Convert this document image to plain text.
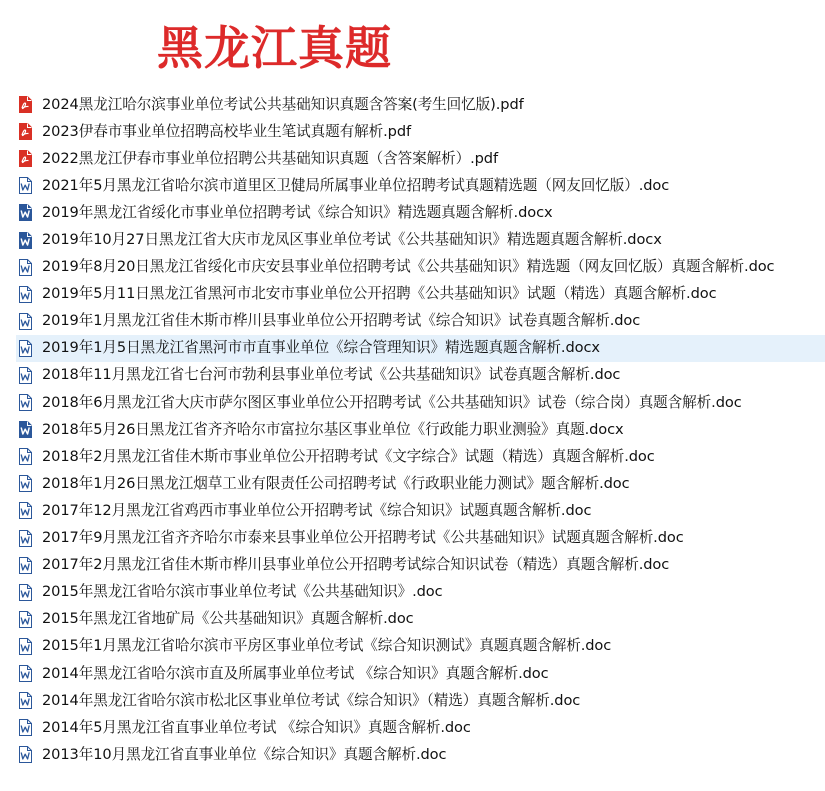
黑龙江真题
2024黑龙江哈尔滨事业单位考试公共基础知识真题含答案(考生回忆版).pdf
2023伊春市事业单位招聘高校毕业生笔试真题有解析.pdf
2022黑龙江伊春市事业单位招聘公共基础知识真题（含答案解析）.pdf
2021年5月黑龙江省哈尔滨市道里区卫健局所属事业单位招聘考试真题精选题（网友回忆版）.doc
2019年黑龙江省绥化市事业单位招聘考试《综合知识》精选题真题含解析.docx
2019年10月27日黑龙江省大庆市龙凤区事业单位考试《公共基础知识》精选题真题含解析.docx
2019年8月20日黑龙江省绥化市庆安县事业单位招聘考试《公共基础知识》精选题（网友回忆版）真题含解析.doc
2019年5月11日黑龙江省黑河市北安市事业单位公开招聘《公共基础知识》试题（精选）真题含解析.doc
2019年1月黑龙江省佳木斯市桦川县事业单位公开招聘考试《综合知识》试卷真题含解析.doc
2019年1月5日黑龙江省黑河市市直事业单位《综合管理知识》精选题真题含解析.docx
2018年11月黑龙江省七台河市勃利县事业单位考试《公共基础知识》试卷真题含解析.doc
2018年6月黑龙江省大庆市萨尔图区事业单位公开招聘考试《公共基础知识》试卷（综合岗）真题含解析.doc
2018年5月26日黑龙江省齐齐哈尔市富拉尔基区事业单位《行政能力职业测验》真题.docx
2018年2月黑龙江省佳木斯市事业单位公开招聘考试《文字综合》试题（精选）真题含解析.doc
2018年1月26日黑龙江烟草工业有限责任公司招聘考试《行政职业能力测试》题含解析.doc
2017年12月黑龙江省鸡西市事业单位公开招聘考试《综合知识》试题真题含解析.doc
2017年9月黑龙江省齐齐哈尔市泰来县事业单位公开招聘考试《公共基础知识》试题真题含解析.doc
2017年2月黑龙江省佳木斯市桦川县事业单位公开招聘考试综合知识试卷（精选）真题含解析.doc
2015年黑龙江省哈尔滨市事业单位考试《公共基础知识》.doc
2015年黑龙江省地矿局《公共基础知识》真题含解析.doc
2015年1月黑龙江省哈尔滨市平房区事业单位考试《综合知识测试》真题真题含解析.doc
2014年黑龙江省哈尔滨市直及所属事业单位考试 《综合知识》真题含解析.doc
2014年黑龙江省哈尔滨市松北区事业单位考试《综合知识》（精选）真题含解析.doc
2014年5月黑龙江省直事业单位考试 《综合知识》真题含解析.doc
2013年10月黑龙江省直事业单位《综合知识》真题含解析.doc
